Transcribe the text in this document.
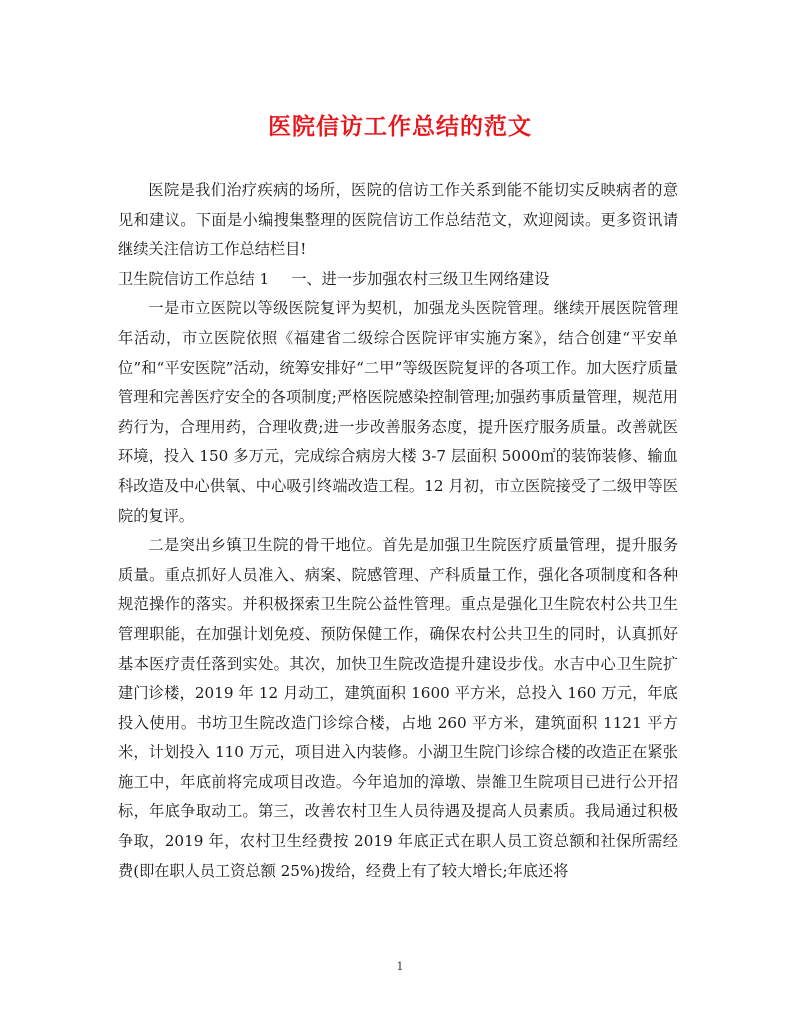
医院信访工作总结的范文

医院是我们治疗疾病的场所，医院的信访工作关系到能不能切实反映病者的意见和建议。下面是小编搜集整理的医院信访工作总结范文，欢迎阅读。更多资讯请继续关注信访工作总结栏目!

卫生院信访工作总结 1 一、进一步加强农村三级卫生网络建设

一是市立医院以等级医院复评为契机，加强龙头医院管理。继续开展医院管理年活动，市立医院依照《福建省二级综合医院评审实施方案》，结合创建“平安单位”和“平安医院”活动，统筹安排好“二甲”等级医院复评的各项工作。加大医疗质量管理和完善医疗安全的各项制度;严格医院感染控制管理;加强药事质量管理，规范用药行为，合理用药，合理收费;进一步改善服务态度，提升医疗服务质量。改善就医环境，投入 150 多万元，完成综合病房大楼 3-7 层面积 5000㎡的装饰装修、输血科改造及中心供氧、中心吸引终端改造工程。12 月初，市立医院接受了二级甲等医院的复评。

二是突出乡镇卫生院的骨干地位。首先是加强卫生院医疗质量管理，提升服务质量。重点抓好人员准入、病案、院感管理、产科质量工作，强化各项制度和各种规范操作的落实。并积极探索卫生院公益性管理。重点是强化卫生院农村公共卫生管理职能，在加强计划免疫、预防保健工作，确保农村公共卫生的同时，认真抓好基本医疗责任落到实处。其次，加快卫生院改造提升建设步伐。水吉中心卫生院扩建门诊楼，2019 年 12 月动工，建筑面积 1600 平方米，总投入 160 万元，年底投入使用。书坊卫生院改造门诊综合楼，占地 260 平方米，建筑面积 1121 平方米，计划投入 110 万元，项目进入内装修。小湖卫生院门诊综合楼的改造正在紧张施工中，年底前将完成项目改造。今年追加的漳墩、崇雒卫生院项目已进行公开招标，年底争取动工。第三，改善农村卫生人员待遇及提高人员素质。我局通过积极争取，2019 年，农村卫生经费按 2019 年底正式在职人员工资总额和社保所需经费(即在职人员工资总额 25%)拨给，经费上有了较大增长;年底还将

1
